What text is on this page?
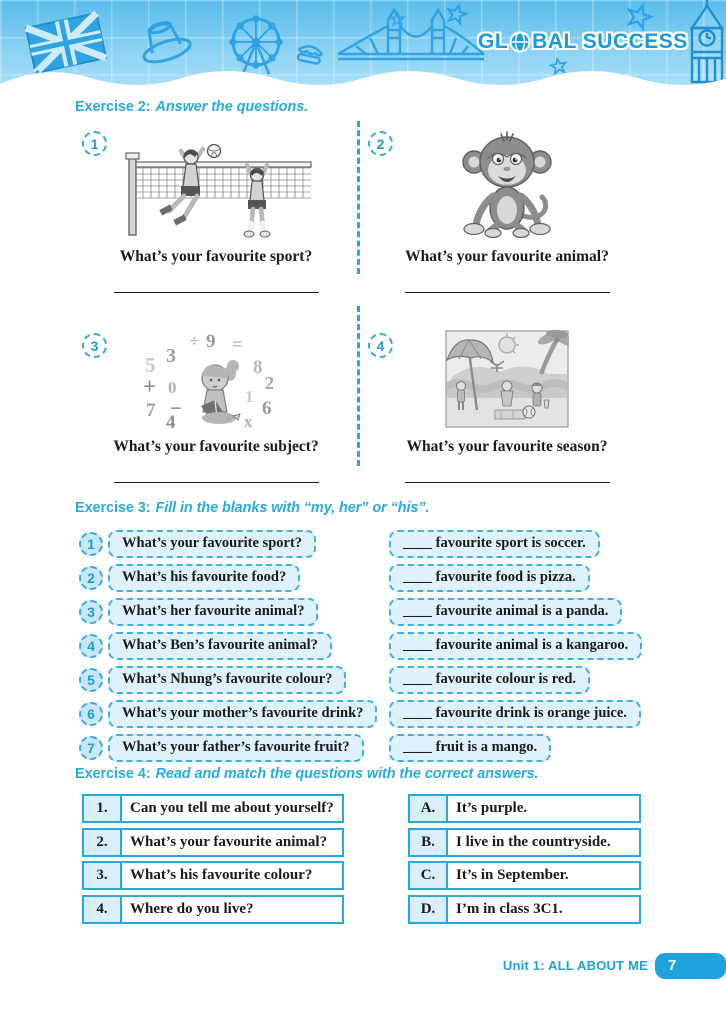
GL BAL SUCCESS
Exercise 2: Answer the questions.
1
What’s your favourite sport?
2
What’s your favourite animal?
3
5 3
÷ 9 =
8
2
+ 0
7 −	1
6
4	x
What’s your favourite subject?
4
What’s your favourite season?
Exercise 3: Fill in the blanks with “my, her” or “his”.
1	What’s your favourite sport?	____ favourite sport is soccer.
2	What’s his favourite food?	____ favourite food is pizza.
3	What’s her favourite animal?	____ favourite animal is a panda.
4	What’s Ben’s favourite animal?	____ favourite animal is a kangaroo.
5	What’s Nhung’s favourite colour?	____ favourite colour is red.
6	What’s your mother’s favourite drink?	____ favourite drink is orange juice.
7	What’s your father’s favourite fruit?	____ fruit is a mango.
Exercise 4: Read and match the questions with the correct answers.
1.	Can you tell me about yourself?
2.	What’s your favourite animal?
3.	What’s his favourite colour?
4.	Where do you live?
A.	It’s purple.
B.	I live in the countryside.
C.	It’s in September.
D.	I’m in class 3C1.
Unit 1: ALL ABOUT ME	7
